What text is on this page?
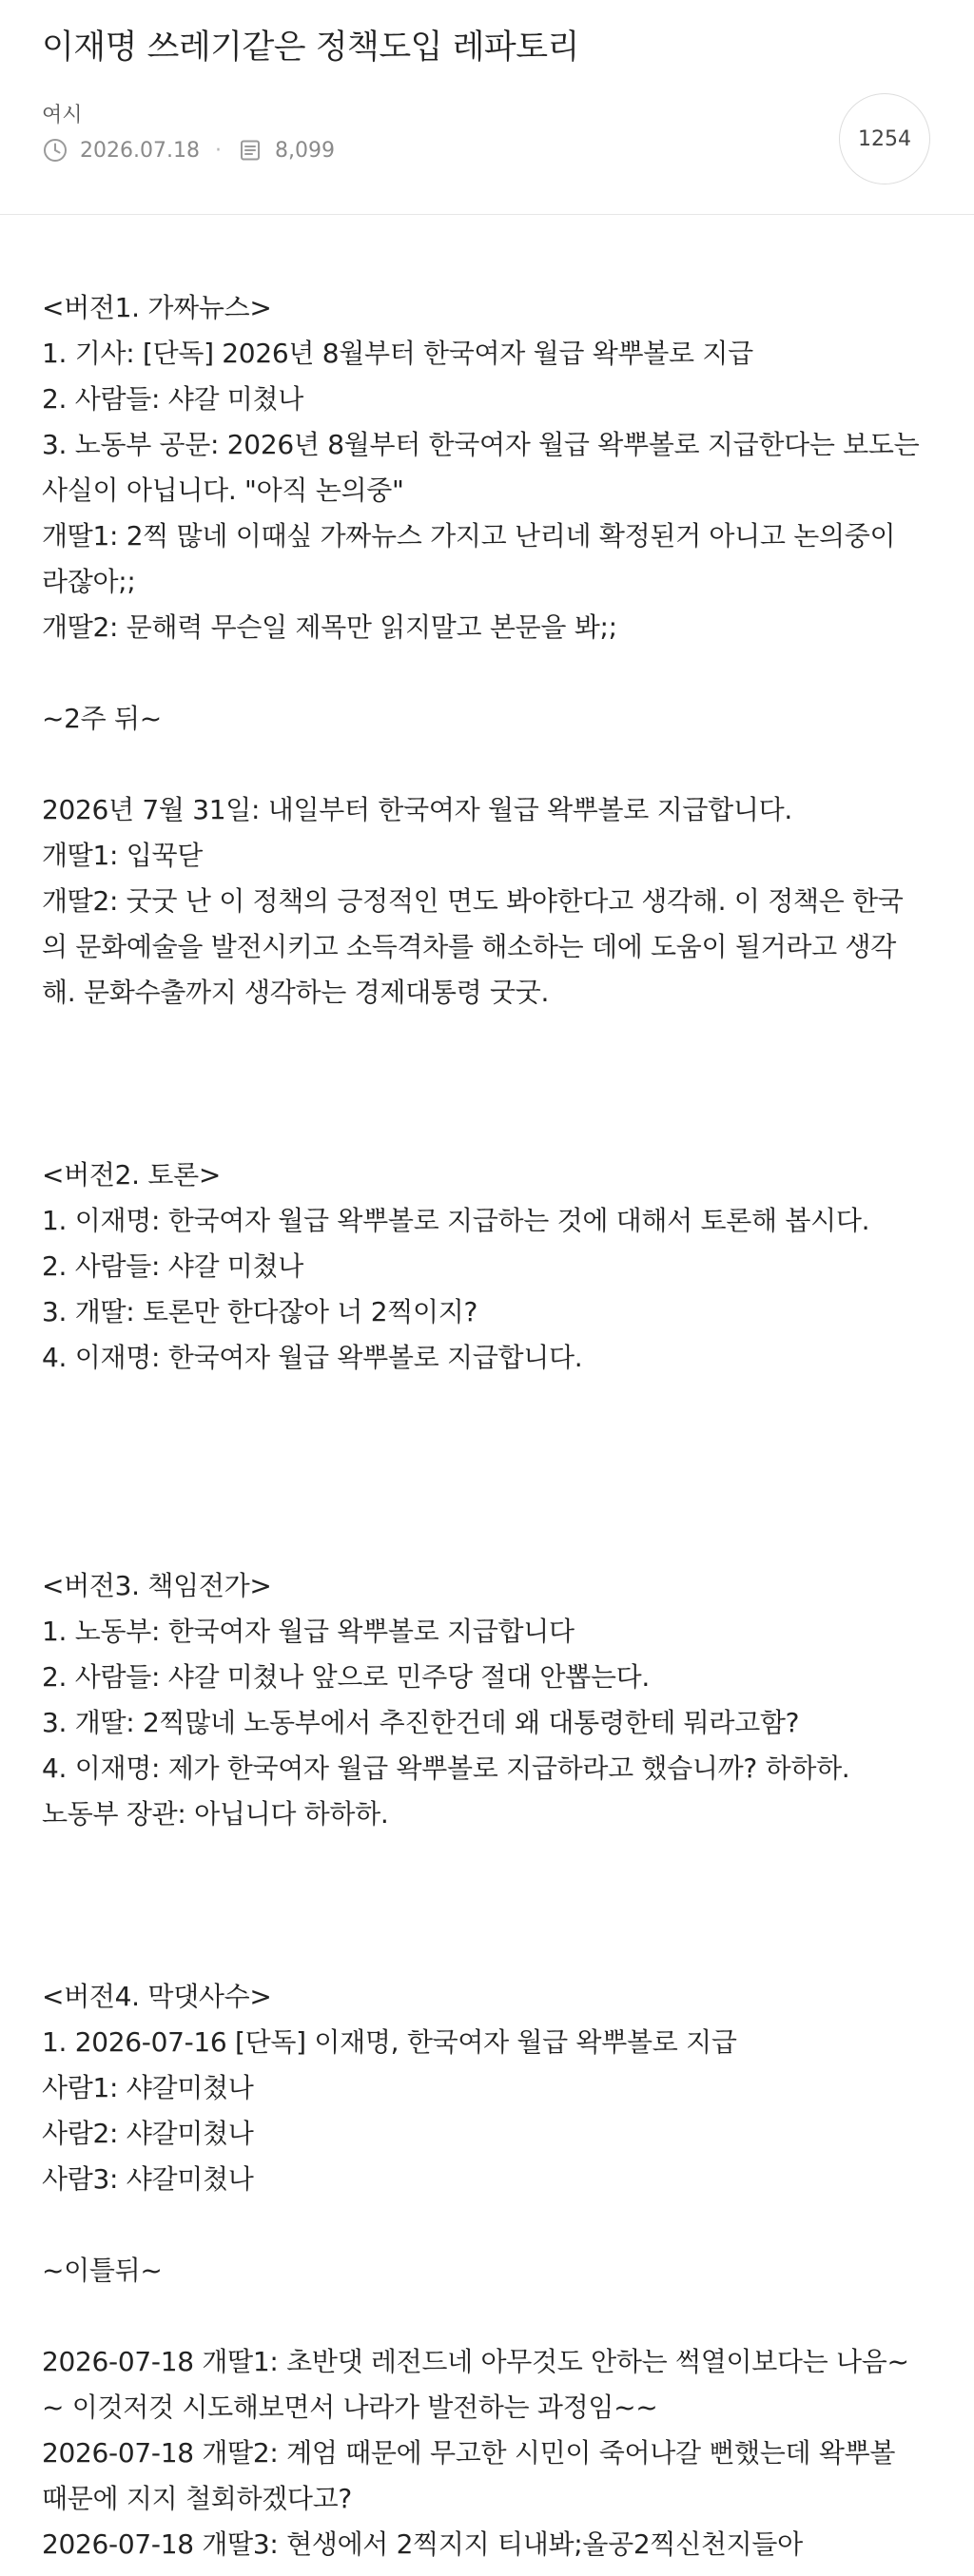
이재명 쓰레기같은 정책도입 레파토리
여시
2026.07.18 ·	8,099	1254
<버전1. 가짜뉴스>
1. 기사: [단독] 2026년 8월부터 한국여자 월급 왁뿌볼로 지급
2. 사람들: 샤갈 미쳤나
3. 노동부 공문: 2026년 8월부터 한국여자 월급 왁뿌볼로 지급한다는 보도는
사실이 아닙니다. "아직 논의중"
개딸1: 2찍 많네 이때싶 가짜뉴스 가지고 난리네 확정된거 아니고 논의중이
라잖아;;
개딸2: 문해력 무슨일 제목만 읽지말고 본문을 봐;;
~2주 뒤~
2026년 7월 31일: 내일부터 한국여자 월급 왁뿌볼로 지급합니다.
개딸1: 입꾹닫
개딸2: 굿굿 난 이 정책의 긍정적인 면도 봐야한다고 생각해. 이 정책은 한국
의 문화예술을 발전시키고 소득격차를 해소하는 데에 도움이 될거라고 생각
해. 문화수출까지 생각하는 경제대통령 굿굿.
<버전2. 토론>
1. 이재명: 한국여자 월급 왁뿌볼로 지급하는 것에 대해서 토론해 봅시다.
2. 사람들: 샤갈 미쳤나
3. 개딸: 토론만 한다잖아 너 2찍이지?
4. 이재명: 한국여자 월급 왁뿌볼로 지급합니다.
<버전3. 책임전가>
1. 노동부: 한국여자 월급 왁뿌볼로 지급합니다
2. 사람들: 샤갈 미쳤나 앞으로 민주당 절대 안뽑는다.
3. 개딸: 2찍많네 노동부에서 추진한건데 왜 대통령한테 뭐라고함?
4. 이재명: 제가 한국여자 월급 왁뿌볼로 지급하라고 했습니까? 하하하.
노동부 장관: 아닙니다 하하하.
<버전4. 막댓사수>
1. 2026-07-16 [단독] 이재명, 한국여자 월급 왁뿌볼로 지급
사람1: 샤갈미쳤나
사람2: 샤갈미쳤나
사람3: 샤갈미쳤나
~이틀뒤~
2026-07-18 개딸1: 초반댓 레전드네 아무것도 안하는 썩열이보다는 나음~
~ 이것저것 시도해보면서 나라가 발전하는 과정임~~
2026-07-18 개딸2: 계엄 때문에 무고한 시민이 죽어나갈 뻔했는데 왁뿌볼
때문에 지지 철회하겠다고?
2026-07-18 개딸3: 현생에서 2찍지지 티내봐;올공2찍신천지들아
